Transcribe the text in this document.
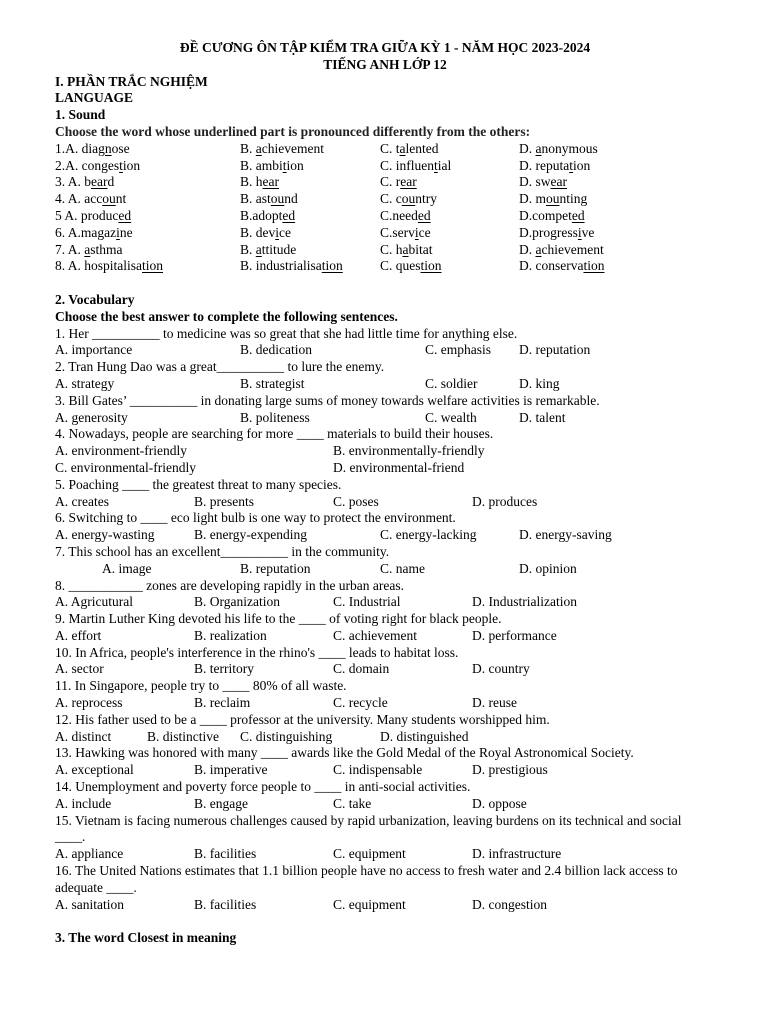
ĐỀ CƯƠNG ÔN TẬP KIỂM TRA GIỮA KỲ 1 - NĂM HỌC 2023-2024
TIẾNG ANH LỚP 12
I. PHẦN TRẮC NGHIỆM
LANGUAGE
1. Sound
Choose the word whose underlined part is pronounced differently from the others:
1.A. diagnose	B. achievement	C. talented	D. anonymous
2.A. congestion	B. ambition	C. influential	D. reputation
3. A. beard	B. hear	C. rear	D. swear
4. A. account	B. astound	C. country	D. mounting
5 A. produced	B.adopted	C.needed	D.competed
6. A.magazine	B. device	C.service	D.progressive
7. A. asthma	B. attitude	C. habitat	D. achievement
8. A. hospitalisation	B. industrialisation	C. question	D. conservation
2. Vocabulary
Choose the best answer to complete the following sentences.
1. Her __________ to medicine was so great that she had little time for anything else.
A. importance	B. dedication	C. emphasis D. reputation
2. Tran Hung Dao was a great__________ to lure the enemy.
A. strategy	B. strategist	C. soldier	D. king
3. Bill Gates’ __________ in donating large sums of money towards welfare activities is remarkable.
A. generosity	B. politeness	C. wealth	D. talent
4. Nowadays, people are searching for more ____ materials to build their houses.
A. environment-friendly	B. environmentally-friendly
C. environmental-friendly	D. environmental-friend
5. Poaching ____ the greatest threat to many species.
A. creates	B. presents	C. poses	D. produces
6. Switching to ____ eco light bulb is one way to protect the environment.
A. energy-wasting	B. energy-expending	C. energy-lacking	D. energy-saving
7. This school has an excellent__________ in the community.
A. image	B. reputation	C. name	D. opinion
8. ___________ zones are developing rapidly in the urban areas.
A. Agricutural	B. Organization	C. Industrial	D. Industrialization
9. Martin Luther King devoted his life to the ____ of voting right for black people.
A. effort	B. realization	C. achievement	D. performance
10. In Africa, people's interference in the rhino's ____ leads to habitat loss.
A. sector	B. territory	C. domain	D. country
11. In Singapore, people try to ____ 80% of all waste.
A. reprocess	B. reclaim	C. recycle	D. reuse
12. His father used to be a ____ professor at the university. Many students worshipped him.
A. distinct	B. distinctive C. distinguishing	D. distinguished
13. Hawking was honored with many ____ awards like the Gold Medal of the Royal Astronomical Society.
A. exceptional	B. imperative	C. indispensable	D. prestigious
14. Unemployment and poverty force people to ____ in anti-social activities.
A. include	B. engage	C. take	D. oppose
15. Vietnam is facing numerous challenges caused by rapid urbanization, leaving burdens on its technical and social ____.
A. appliance	B. facilities	C. equipment	D. infrastructure
16. The United Nations estimates that 1.1 billion people have no access to fresh water and 2.4 billion lack access to adequate ____.
A. sanitation	B. facilities	C. equipment	D. congestion
3. The word Closest in meaning
